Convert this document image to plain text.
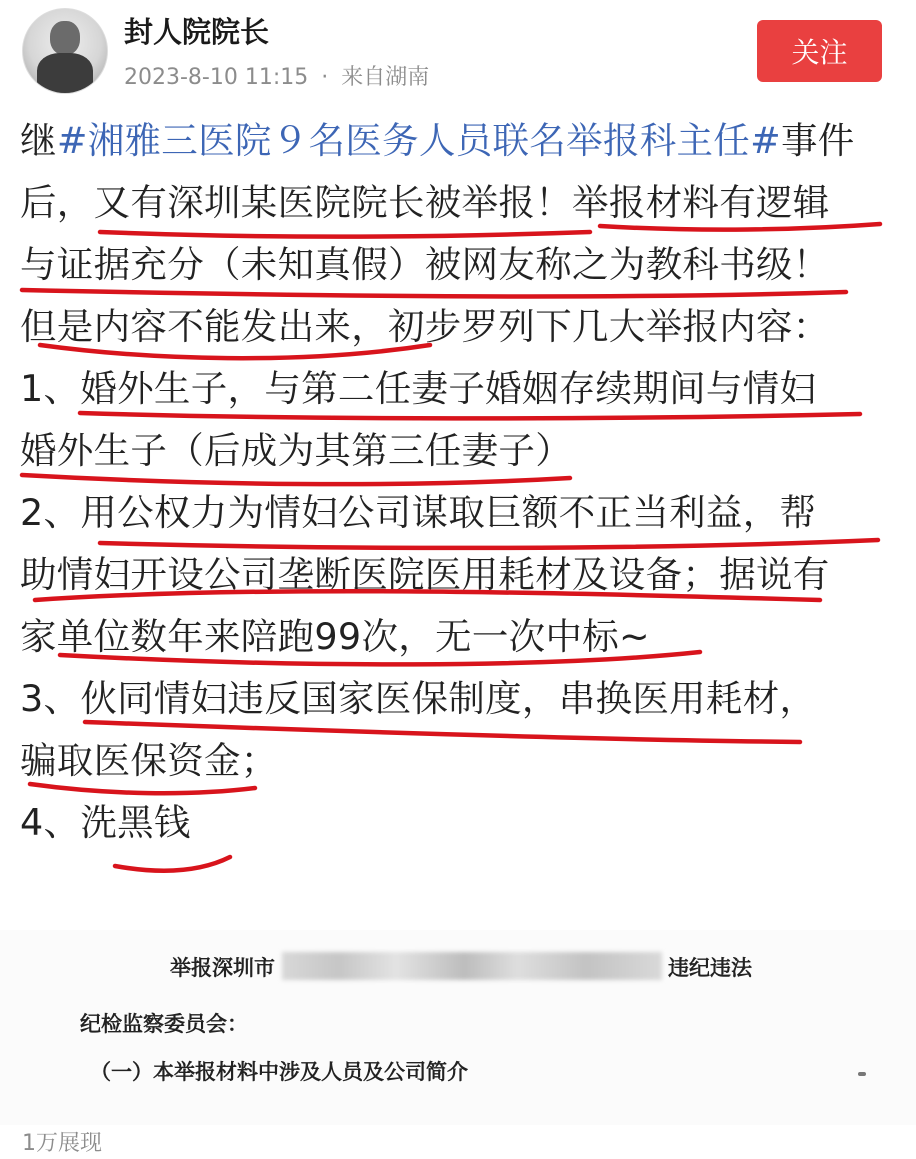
封人院院长
2023-8-10 11:15 · 来自湖南
关注
继#湘雅三医院９名医务人员联名举报科主任#事件
后，又有深圳某医院院长被举报！举报材料有逻辑
与证据充分（未知真假）被网友称之为教科书级！
但是内容不能发出来，初步罗列下几大举报内容：
1、婚外生子，与第二任妻子婚姻存续期间与情妇
婚外生子（后成为其第三任妻子）
2、用公权力为情妇公司谋取巨额不正当利益，帮
助情妇开设公司垄断医院医用耗材及设备；据说有
家单位数年来陪跑99次，无一次中标~
3、伙同情妇违反国家医保制度，串换医用耗材，
骗取医保资金；
4、洗黑钱
举报深圳市	违纪违法
纪检监察委员会：
（一）本举报材料中涉及人员及公司简介
1万展现
